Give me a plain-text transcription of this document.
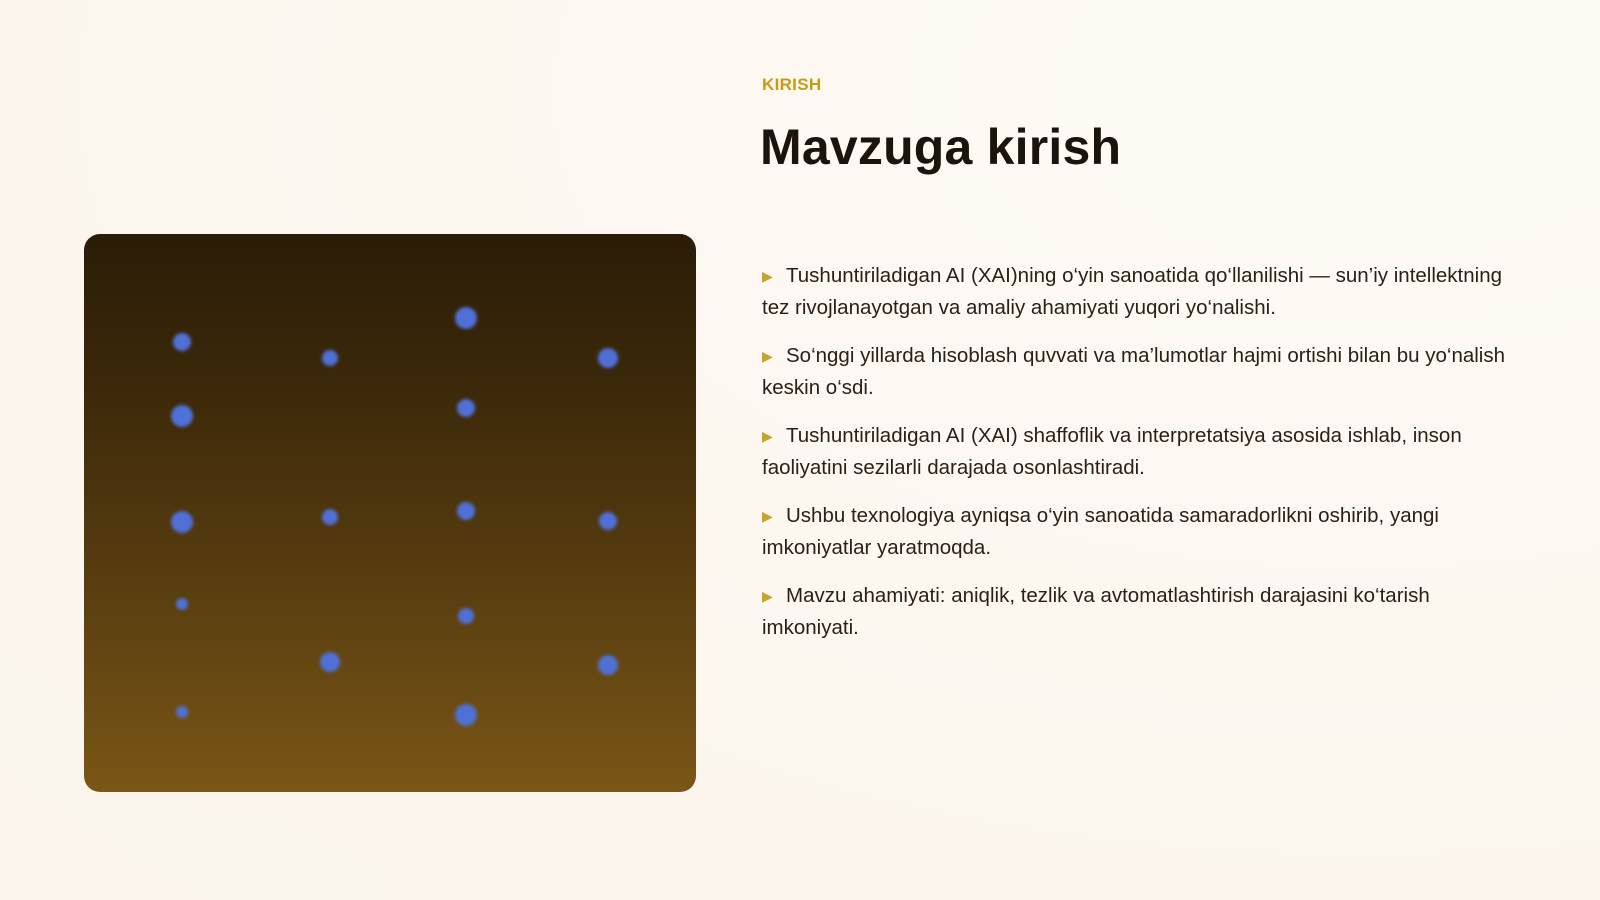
KIRISH
Mavzuga kirish
▶ Tushuntiriladigan AI (XAI)ning o‘yin sanoatida qo‘llanilishi — sun’iy intellektning tez rivojlanayotgan va amaliy ahamiyati yuqori yo‘nalishi.
▶ So‘nggi yillarda hisoblash quvvati va ma’lumotlar hajmi ortishi bilan bu yo‘nalish keskin o‘sdi.
▶ Tushuntiriladigan AI (XAI) shaffoflik va interpretatsiya asosida ishlab, inson faoliyatini sezilarli darajada osonlashtiradi.
▶ Ushbu texnologiya ayniqsa o‘yin sanoatida samaradorlikni oshirib, yangi imkoniyatlar yaratmoqda.
▶ Mavzu ahamiyati: aniqlik, tezlik va avtomatlashtirish darajasini ko‘tarish imkoniyati.
